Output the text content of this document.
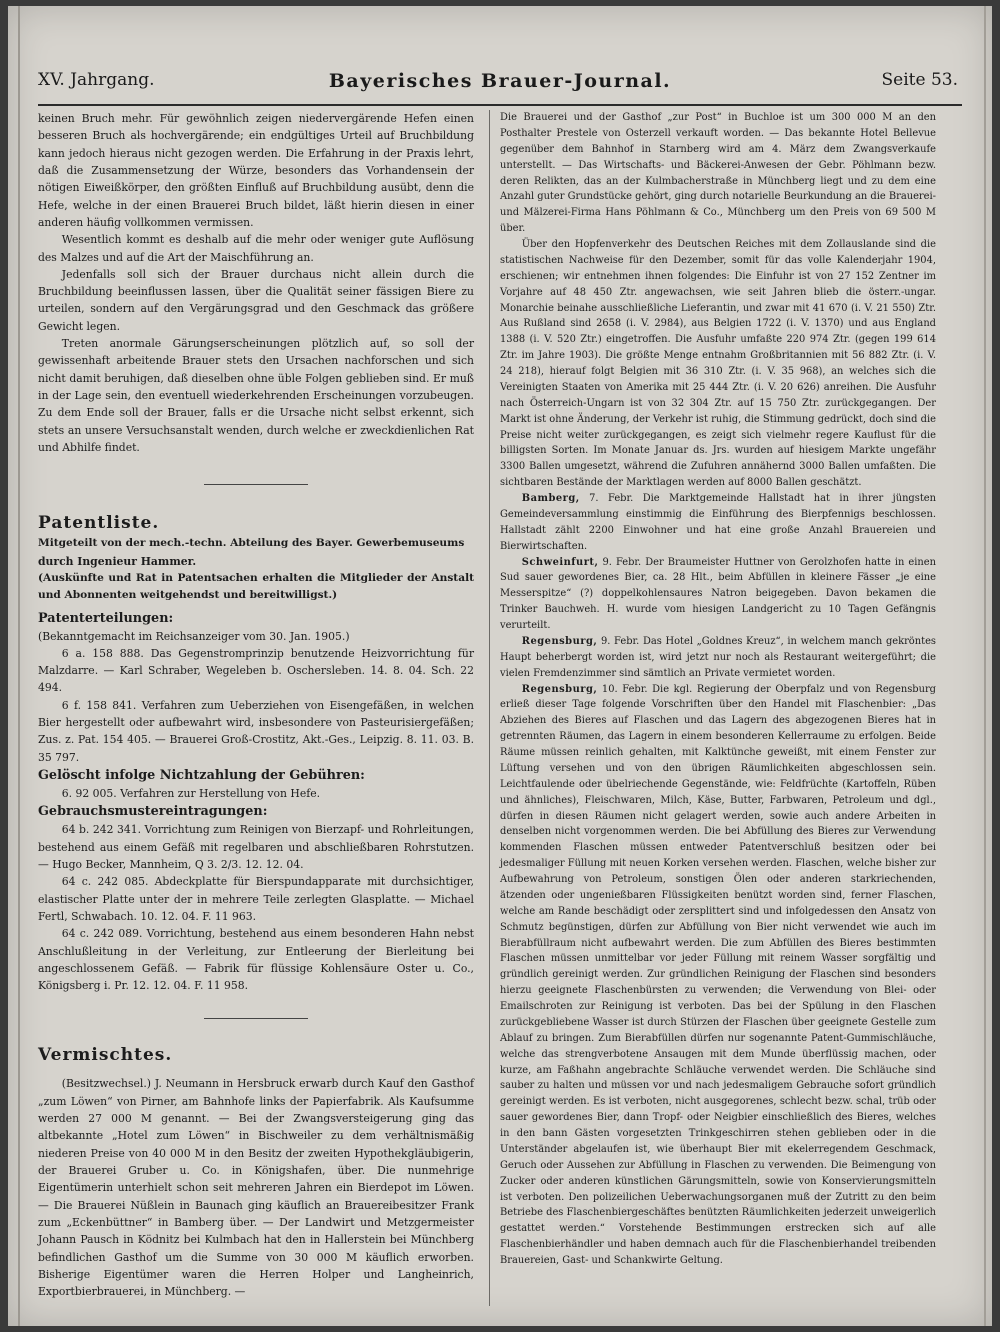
XV. Jahrgang.	Bayerisches Brauer-Journal.	Seite 53.

keinen Bruch mehr. Für gewöhnlich zeigen niedervergärende Hefen einen besseren Bruch als hochvergärende; ein endgültiges Urteil auf Bruchbildung kann jedoch hieraus nicht gezogen werden. Die Erfahrung in der Praxis lehrt, daß die Zusammensetzung der Würze, besonders das Vorhandensein der nötigen Eiweißkörper, den größten Einfluß auf Bruchbildung ausübt, denn die Hefe, welche in der einen Brauerei Bruch bildet, läßt hierin diesen in einer anderen häufig vollkommen vermissen.

Wesentlich kommt es deshalb auf die mehr oder weniger gute Auflösung des Malzes und auf die Art der Maischführung an.

Jedenfalls soll sich der Brauer durchaus nicht allein durch die Bruchbildung beeinflussen lassen, über die Qualität seiner fässigen Biere zu urteilen, sondern auf den Vergärungsgrad und den Geschmack das größere Gewicht legen.

Treten anormale Gärungserscheinungen plötzlich auf, so soll der gewissenhaft arbeitende Brauer stets den Ursachen nachforschen und sich nicht damit beruhigen, daß dieselben ohne üble Folgen geblieben sind. Er muß in der Lage sein, den eventuell wiederkehrenden Erscheinungen vorzubeugen. Zu dem Ende soll der Brauer, falls er die Ursache nicht selbst erkennt, sich stets an unsere Versuchsanstalt wenden, durch welche er zweckdienlichen Rat und Abhilfe findet.

Patentliste.

Mitgeteilt von der mech.-techn. Abteilung des Bayer. Gewerbemuseums

durch Ingenieur Hammer.

(Auskünfte und Rat in Patentsachen erhalten die Mitglieder der Anstalt und Abonnenten weitgehendst und bereitwilligst.)

Patenterteilungen:

(Bekanntgemacht im Reichsanzeiger vom 30. Jan. 1905.)

6 a. 158 888. Das Gegenstromprinzip benutzende Heizvorrichtung für Malzdarre. — Karl Schraber, Wegeleben b. Oschersleben. 14. 8. 04. Sch. 22 494.

6 f. 158 841. Verfahren zum Ueberziehen von Eisengefäßen, in welchen Bier hergestellt oder aufbewahrt wird, insbesondere von Pasteurisiergefäßen; Zus. z. Pat. 154 405. — Brauerei Groß-Crostitz, Akt.-Ges., Leipzig. 8. 11. 03. B. 35 797.

Gelöscht infolge Nichtzahlung der Gebühren:

6. 92 005. Verfahren zur Herstellung von Hefe.

Gebrauchsmustereintragungen:

64 b. 242 341. Vorrichtung zum Reinigen von Bierzapf- und Rohrleitungen, bestehend aus einem Gefäß mit regelbaren und abschließbaren Rohrstutzen. — Hugo Becker, Mannheim, Q 3. 2/3. 12. 12. 04.

64 c. 242 085. Abdeckplatte für Bierspundapparate mit durchsichtiger, elastischer Platte unter der in mehrere Teile zerlegten Glasplatte. — Michael Fertl, Schwabach. 10. 12. 04. F. 11 963.

64 c. 242 089. Vorrichtung, bestehend aus einem besonderen Hahn nebst Anschlußleitung in der Verleitung, zur Entleerung der Bierleitung bei angeschlossenem Gefäß. — Fabrik für flüssige Kohlensäure Oster u. Co., Königsberg i. Pr. 12. 12. 04. F. 11 958.

Vermischtes.

(Besitzwechsel.) J. Neumann in Hersbruck erwarb durch Kauf den Gasthof „zum Löwen“ von Pirner, am Bahnhofe links der Papierfabrik. Als Kaufsumme werden 27 000 M genannt. — Bei der Zwangsversteigerung ging das altbekannte „Hotel zum Löwen“ in Bischweiler zu dem verhältnismäßig niederen Preise von 40 000 M in den Besitz der zweiten Hypothekgläubigerin, der Brauerei Gruber u. Co. in Königshafen, über. Die nunmehrige Eigentümerin unterhielt schon seit mehreren Jahren ein Bierdepot im Löwen. — Die Brauerei Nüßlein in Baunach ging käuflich an Brauereibesitzer Frank zum „Eckenbüttner“ in Bamberg über. — Der Landwirt und Metzgermeister Johann Pausch in Ködnitz bei Kulmbach hat den in Hallerstein bei Münchberg befindlichen Gasthof um die Summe von 30 000 M käuflich erworben. Bisherige Eigentümer waren die Herren Holper und Langheinrich, Exportbierbrauerei, in Münchberg. —

Die Brauerei und der Gasthof „zur Post“ in Buchloe ist um 300 000 M an den Posthalter Prestele von Osterzell verkauft worden. — Das bekannte Hotel Bellevue gegenüber dem Bahnhof in Starnberg wird am 4. März dem Zwangsverkaufe unterstellt. — Das Wirtschafts- und Bäckerei-Anwesen der Gebr. Pöhlmann bezw. deren Relikten, das an der Kulmbacherstraße in Münchberg liegt und zu dem eine Anzahl guter Grundstücke gehört, ging durch notarielle Beurkundung an die Brauerei- und Mälzerei-Firma Hans Pöhlmann & Co., Münchberg um den Preis von 69 500 M über.

Über den Hopfenverkehr des Deutschen Reiches mit dem Zollauslande sind die statistischen Nachweise für den Dezember, somit für das volle Kalenderjahr 1904, erschienen; wir entnehmen ihnen folgendes: Die Einfuhr ist von 27 152 Zentner im Vorjahre auf 48 450 Ztr. angewachsen, wie seit Jahren blieb die österr.-ungar. Monarchie beinahe ausschließliche Lieferantin, und zwar mit 41 670 (i. V. 21 550) Ztr. Aus Rußland sind 2658 (i. V. 2984), aus Belgien 1722 (i. V. 1370) und aus England 1388 (i. V. 520 Ztr.) eingetroffen. Die Ausfuhr umfaßte 220 974 Ztr. (gegen 199 614 Ztr. im Jahre 1903). Die größte Menge entnahm Großbritannien mit 56 882 Ztr. (i. V. 24 218), hierauf folgt Belgien mit 36 310 Ztr. (i. V. 35 968), an welches sich die Vereinigten Staaten von Amerika mit 25 444 Ztr. (i. V. 20 626) anreihen. Die Ausfuhr nach Österreich-Ungarn ist von 32 304 Ztr. auf 15 750 Ztr. zurückgegangen. Der Markt ist ohne Änderung, der Verkehr ist ruhig, die Stimmung gedrückt, doch sind die Preise nicht weiter zurückgegangen, es zeigt sich vielmehr regere Kauflust für die billigsten Sorten. Im Monate Januar ds. Jrs. wurden auf hiesigem Markte ungefähr 3300 Ballen umgesetzt, während die Zufuhren annähernd 3000 Ballen umfaßten. Die sichtbaren Bestände der Marktlagen werden auf 8000 Ballen geschätzt.

Bamberg, 7. Febr. Die Marktgemeinde Hallstadt hat in ihrer jüngsten Gemeindeversammlung einstimmig die Einführung des Bierpfennigs beschlossen. Hallstadt zählt 2200 Einwohner und hat eine große Anzahl Brauereien und Bierwirtschaften.

Schweinfurt, 9. Febr. Der Braumeister Huttner von Gerolzhofen hatte in einen Sud sauer gewordenes Bier, ca. 28 Hlt., beim Abfüllen in kleinere Fässer „je eine Messerspitze“ (?) doppelkohlensaures Natron beigegeben. Davon bekamen die Trinker Bauchweh. H. wurde vom hiesigen Landgericht zu 10 Tagen Gefängnis verurteilt.

Regensburg, 9. Febr. Das Hotel „Goldnes Kreuz“, in welchem manch gekröntes Haupt beherbergt worden ist, wird jetzt nur noch als Restaurant weitergeführt; die vielen Fremdenzimmer sind sämtlich an Private vermietet worden.

Regensburg, 10. Febr. Die kgl. Regierung der Oberpfalz und von Regensburg erließ dieser Tage folgende Vorschriften über den Handel mit Flaschenbier: „Das Abziehen des Bieres auf Flaschen und das Lagern des abgezogenen Bieres hat in getrennten Räumen, das Lagern in einem besonderen Kellerraume zu erfolgen. Beide Räume müssen reinlich gehalten, mit Kalktünche geweißt, mit einem Fenster zur Lüftung versehen und von den übrigen Räumlichkeiten abgeschlossen sein. Leichtfaulende oder übelriechende Gegenstände, wie: Feldfrüchte (Kartoffeln, Rüben und ähnliches), Fleischwaren, Milch, Käse, Butter, Farbwaren, Petroleum und dgl., dürfen in diesen Räumen nicht gelagert werden, sowie auch andere Arbeiten in denselben nicht vorgenommen werden. Die bei Abfüllung des Bieres zur Verwendung kommenden Flaschen müssen entweder Patentverschluß besitzen oder bei jedesmaliger Füllung mit neuen Korken versehen werden. Flaschen, welche bisher zur Aufbewahrung von Petroleum, sonstigen Ölen oder anderen starkriechenden, ätzenden oder ungenießbaren Flüssigkeiten benützt worden sind, ferner Flaschen, welche am Rande beschädigt oder zersplittert sind und infolgedessen den Ansatz von Schmutz begünstigen, dürfen zur Abfüllung von Bier nicht verwendet wie auch im Bierabfüllraum nicht aufbewahrt werden. Die zum Abfüllen des Bieres bestimmten Flaschen müssen unmittelbar vor jeder Füllung mit reinem Wasser sorgfältig und gründlich gereinigt werden. Zur gründlichen Reinigung der Flaschen sind besonders hierzu geeignete Flaschenbürsten zu verwenden; die Verwendung von Blei- oder Emailschroten zur Reinigung ist verboten. Das bei der Spülung in den Flaschen zurückgebliebene Wasser ist durch Stürzen der Flaschen über geeignete Gestelle zum Ablauf zu bringen. Zum Bierabfüllen dürfen nur sogenannte Patent-Gummischläuche, welche das strengverbotene Ansaugen mit dem Munde überflüssig machen, oder kurze, am Faßhahn angebrachte Schläuche verwendet werden. Die Schläuche sind sauber zu halten und müssen vor und nach jedesmaligem Gebrauche sofort gründlich gereinigt werden. Es ist verboten, nicht ausgegorenes, schlecht bezw. schal, trüb oder sauer gewordenes Bier, dann Tropf- oder Neigbier einschließlich des Bieres, welches in den bann Gästen vorgesetzten Trinkgeschirren stehen geblieben oder in die Unterständer abgelaufen ist, wie überhaupt Bier mit ekelerregendem Geschmack, Geruch oder Aussehen zur Abfüllung in Flaschen zu verwenden. Die Beimengung von Zucker oder anderen künstlichen Gärungsmitteln, sowie von Konservierungsmitteln ist verboten. Den polizeilichen Ueberwachungsorganen muß der Zutritt zu den beim Betriebe des Flaschenbiergeschäftes benützten Räumlichkeiten jederzeit unweigerlich gestattet werden.“ Vorstehende Bestimmungen erstrecken sich auf alle Flaschenbierhändler und haben demnach auch für die Flaschenbierhandel treibenden Brauereien, Gast- und Schankwirte Geltung.
